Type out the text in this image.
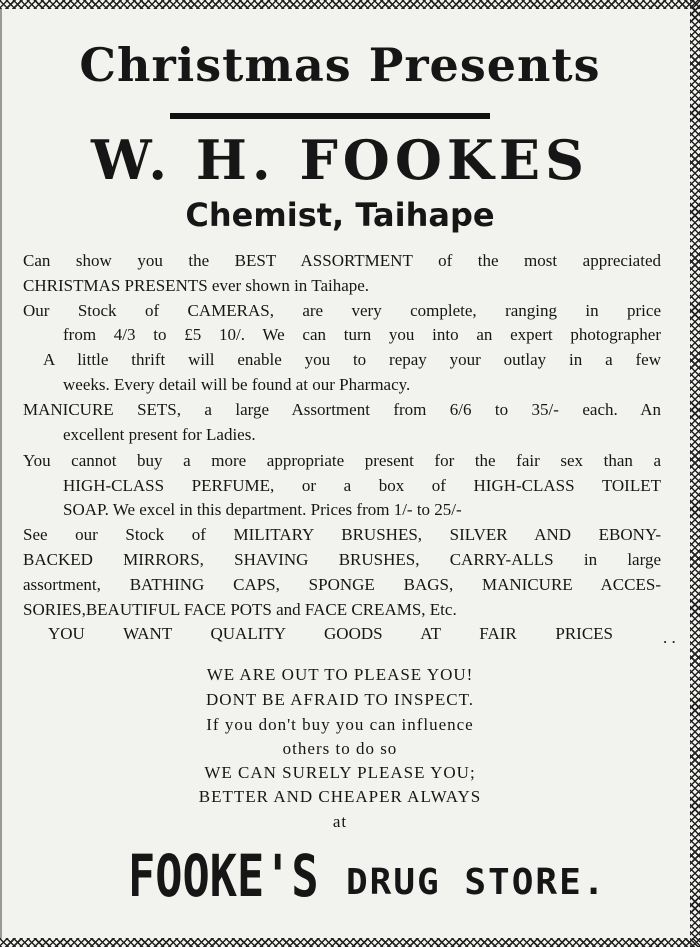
Christmas Presents
W. H. FOOKES
Chemist, Taihape
Can show you the BEST ASSORTMENT of the most appreciated
CHRISTMAS PRESENTS ever shown in Taihape.
Our Stock of CAMERAS, are very complete, ranging in price
from 4/3 to £5 10/. We can turn you into an expert photographer
A little thrift will enable you to repay your outlay in a few
weeks. Every detail will be found at our Pharmacy.
MANICURE SETS, a large Assortment from 6/6 to 35/- each. An
excellent present for Ladies.
You cannot buy a more appropriate present for the fair sex than a
HIGH-CLASS PERFUME, or a box of HIGH-CLASS TOILET
SOAP. We excel in this department. Prices from 1/- to 25/-
See our Stock of MILITARY BRUSHES, SILVER AND EBONY-
BACKED MIRRORS, SHAVING BRUSHES, CARRY-ALLS in large
assortment, BATHING CAPS, SPONGE BAGS, MANICURE ACCES-
SORIES,BEAUTIFUL FACE POTS and FACE CREAMS, Etc.
YOU WANT QUALITY GOODS AT FAIR PRICES	. .
WE ARE OUT TO PLEASE YOU!
DONT BE AFRAID TO INSPECT.
If you don't buy you can influence
others to do so
WE CAN SURELY PLEASE YOU;
BETTER AND CHEAPER ALWAYS
at
FOOKE'S DRUG STORE.
